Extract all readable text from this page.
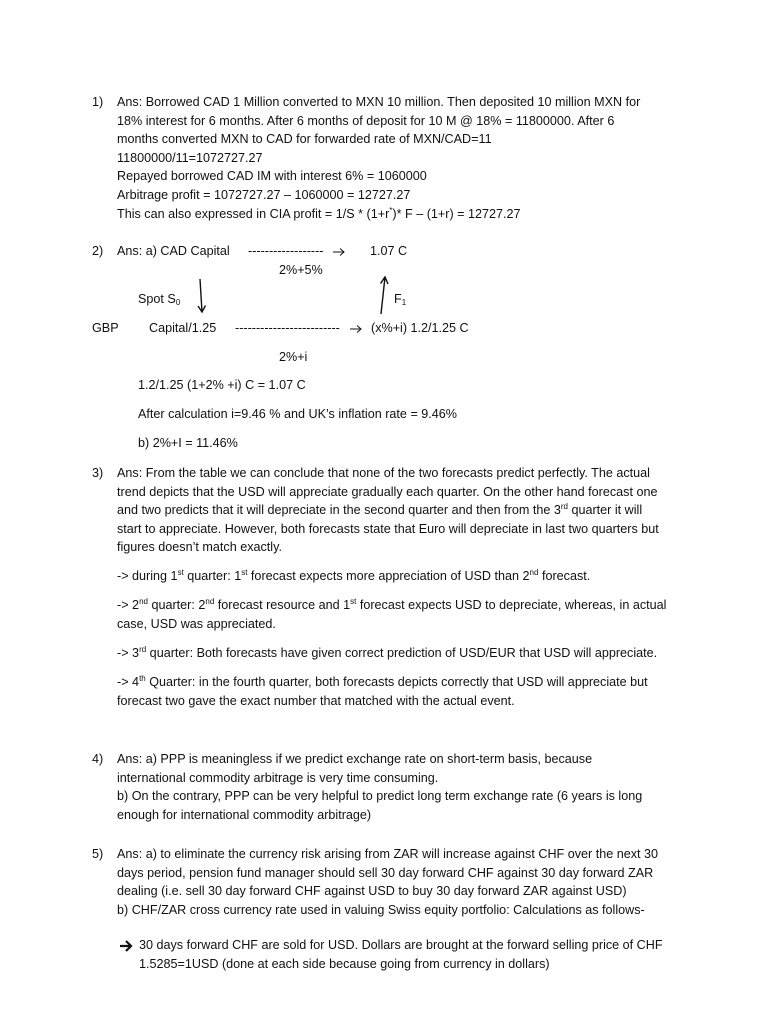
1) Ans: Borrowed CAD 1 Million converted to MXN 10 million. Then deposited 10 million MXN for
18% interest for 6 months. After 6 months of deposit for 10 M @ 18% = 11800000. After 6
months converted MXN to CAD for forwarded rate of MXN/CAD=11
11800000/11=1072727.27
Repayed borrowed CAD IM with interest 6% = 1060000
Arbitrage profit = 1072727.27 – 1060000 = 12727.27
This can also expressed in CIA profit = 1/S * (1+r*)* F – (1+r) = 12727.27
2) Ans: a) CAD Capital ------------------	1.07 C
2%+5%
Spot $S_0$	$F_1$
GBP Capital/1.25 ------------------------- (x%+i) 1.2/1.25 C
2%+i
1.2/1.25 (1+2% +i) C = 1.07 C
After calculation i=9.46 % and UK’s inflation rate = 9.46%
b) 2%+I = 11.46%
3) Ans: From the table we can conclude that none of the two forecasts predict perfectly. The actual
trend depicts that the USD will appreciate gradually each quarter. On the other hand forecast one
and two predicts that it will depreciate in the second quarter and then from the 3rd quarter it will
start to appreciate. However, both forecasts state that Euro will depreciate in last two quarters but
figures doesn’t match exactly.
-> during 1st quarter: 1st forecast expects more appreciation of USD than 2nd forecast.
-> 2nd quarter: 2nd forecast resource and 1st forecast expects USD to depreciate, whereas, in actual
case, USD was appreciated.
-> 3rd quarter: Both forecasts have given correct prediction of USD/EUR that USD will appreciate.
-> 4th Quarter: in the fourth quarter, both forecasts depicts correctly that USD will appreciate but
forecast two gave the exact number that matched with the actual event.
4) Ans: a) PPP is meaningless if we predict exchange rate on short-term basis, because
international commodity arbitrage is very time consuming.
b) On the contrary, PPP can be very helpful to predict long term exchange rate (6 years is long
enough for international commodity arbitrage)
5) Ans: a) to eliminate the currency risk arising from ZAR will increase against CHF over the next 30
days period, pension fund manager should sell 30 day forward CHF against 30 day forward ZAR
dealing (i.e. sell 30 day forward CHF against USD to buy 30 day forward ZAR against USD)
b) CHF/ZAR cross currency rate used in valuing Swiss equity portfolio: Calculations as follows-
30 days forward CHF are sold for USD. Dollars are brought at the forward selling price of CHF
1.5285=1USD (done at each side because going from currency in dollars)
